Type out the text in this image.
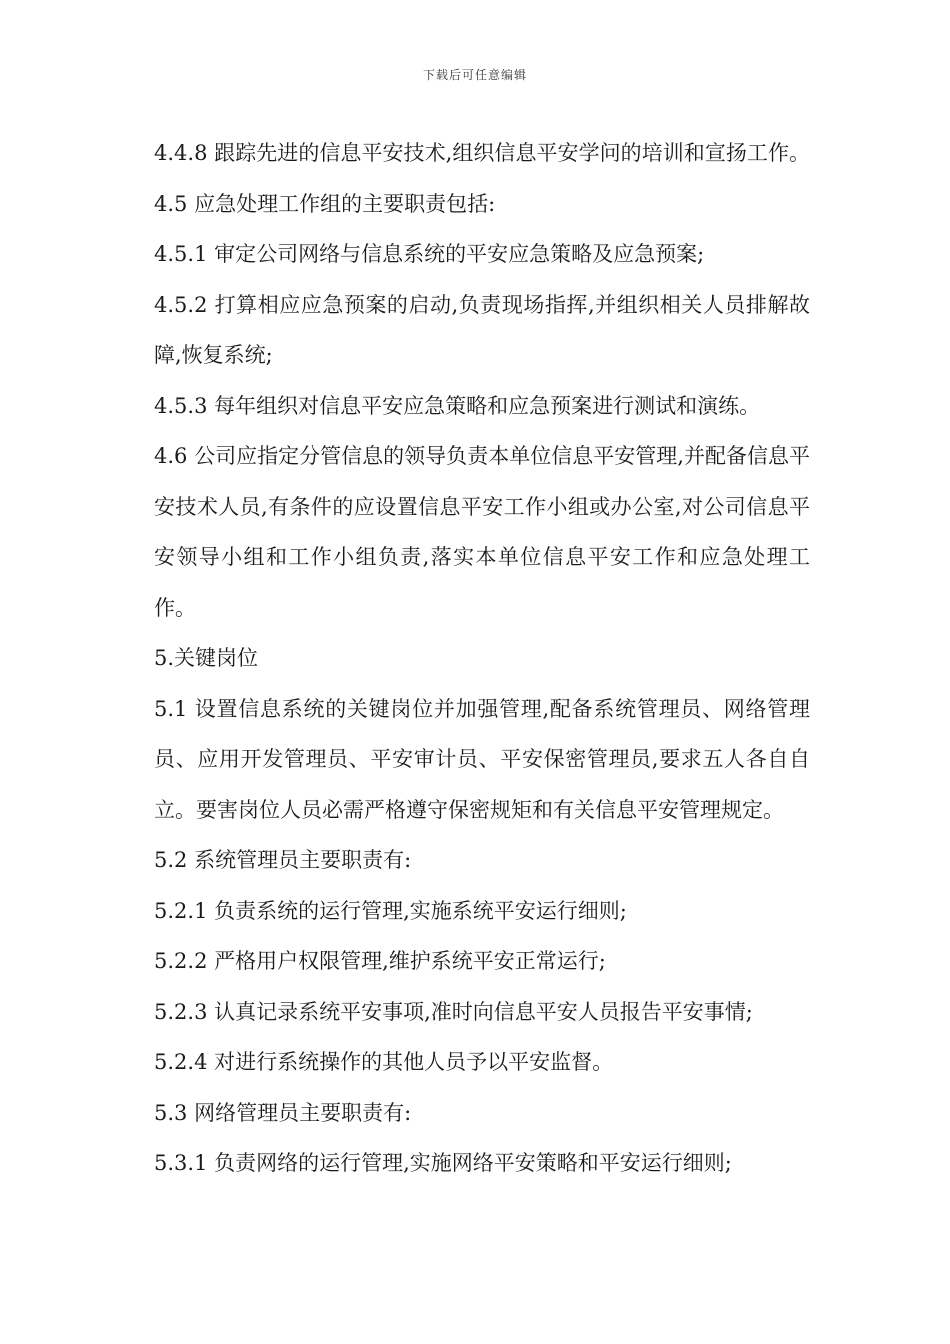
下载后可任意编辑

4.4.8 跟踪先进的信息平安技术,组织信息平安学问的培训和宣扬工作。 4.5 应急处理工作组的主要职责包括:

4.5.1 审定公司网络与信息系统的平安应急策略及应急预案;

4.5.2 打算相应应急预案的启动,负责现场指挥,并组织相关人员排解故障,恢复系统;

4.5.3 每年组织对信息平安应急策略和应急预案进行测试和演练。

4.6 公司应指定分管信息的领导负责本单位信息平安管理,并配备信息平安技术人员,有条件的应设置信息平安工作小组或办公室,对公司信息平安领导小组和工作小组负责,落实本单位信息平安工作和应急处理工作。

5.关键岗位

5.1 设置信息系统的关键岗位并加强管理,配备系统管理员、网络管理员、应用开发管理员、平安审计员、平安保密管理员,要求五人各自自立。要害岗位人员必需严格遵守保密规矩和有关信息平安管理规定。

5.2 系统管理员主要职责有:

5.2.1 负责系统的运行管理,实施系统平安运行细则;

5.2.2 严格用户权限管理,维护系统平安正常运行;

5.2.3 认真记录系统平安事项,准时向信息平安人员报告平安事情;

5.2.4 对进行系统操作的其他人员予以平安监督。

5.3 网络管理员主要职责有:

5.3.1 负责网络的运行管理,实施网络平安策略和平安运行细则;
